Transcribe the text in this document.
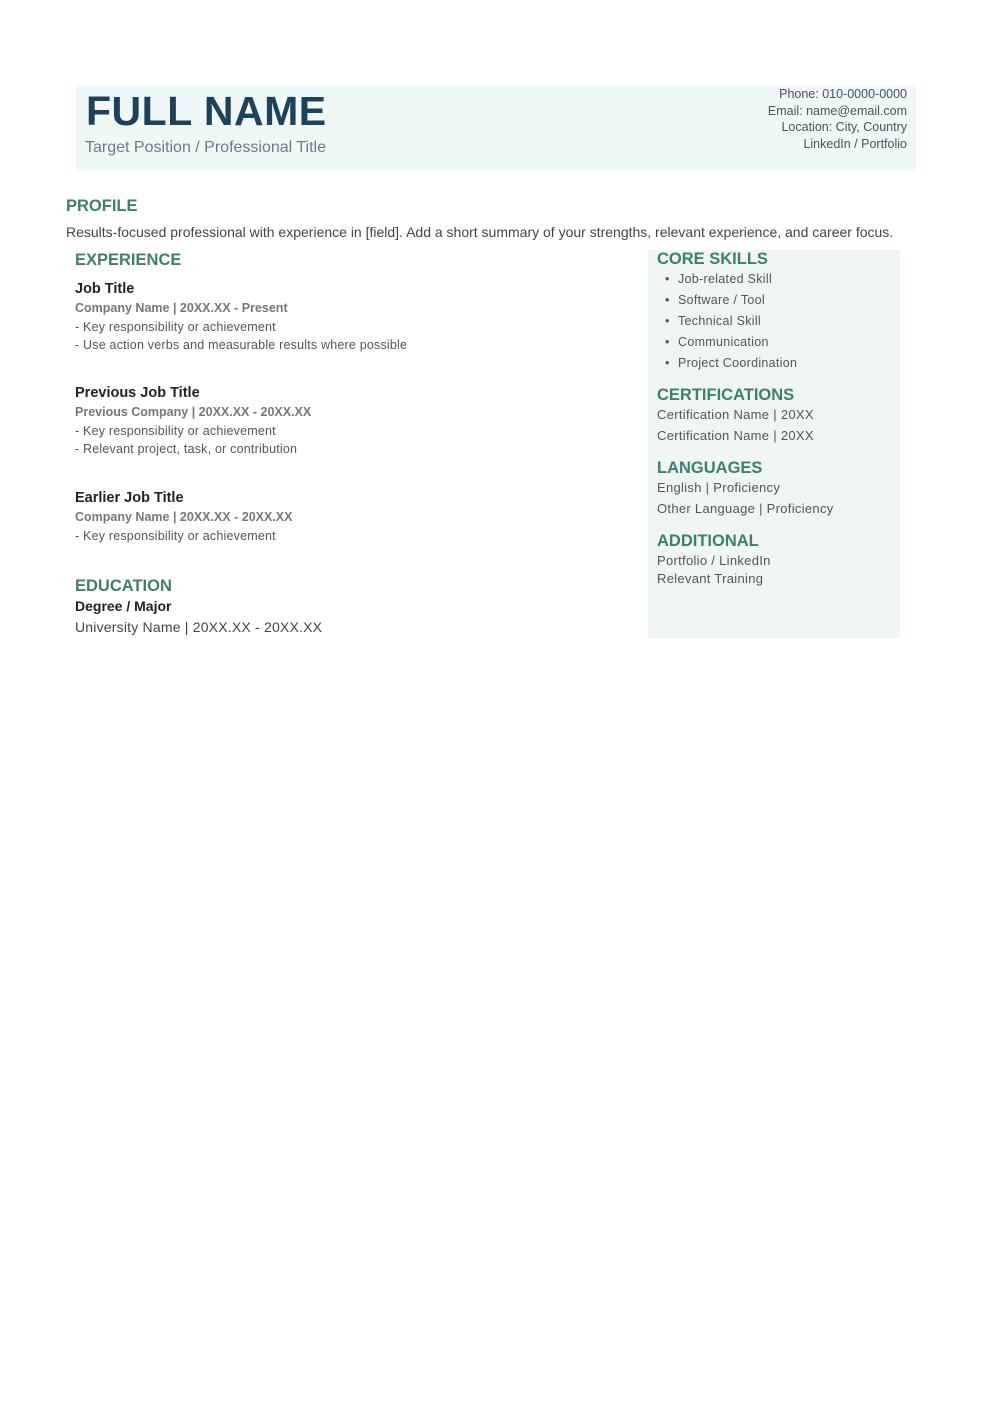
FULL NAME
Target Position / Professional Title
Phone: 010-0000-0000
Email: name@email.com
Location: City, Country
LinkedIn / Portfolio
PROFILE
Results-focused professional with experience in [field]. Add a short summary of your strengths, relevant experience, and career focus.
EXPERIENCE
Job Title
Company Name | 20XX.XX - Present
- Key responsibility or achievement
- Use action verbs and measurable results where possible
Previous Job Title
Previous Company | 20XX.XX - 20XX.XX
- Key responsibility or achievement
- Relevant project, task, or contribution
Earlier Job Title
Company Name | 20XX.XX - 20XX.XX
- Key responsibility or achievement
EDUCATION
Degree / Major
University Name | 20XX.XX - 20XX.XX
CORE SKILLS
• Job-related Skill
• Software / Tool
• Technical Skill
• Communication
• Project Coordination
CERTIFICATIONS
Certification Name | 20XX
Certification Name | 20XX
LANGUAGES
English | Proficiency
Other Language | Proficiency
ADDITIONAL
Portfolio / LinkedIn
Relevant Training
